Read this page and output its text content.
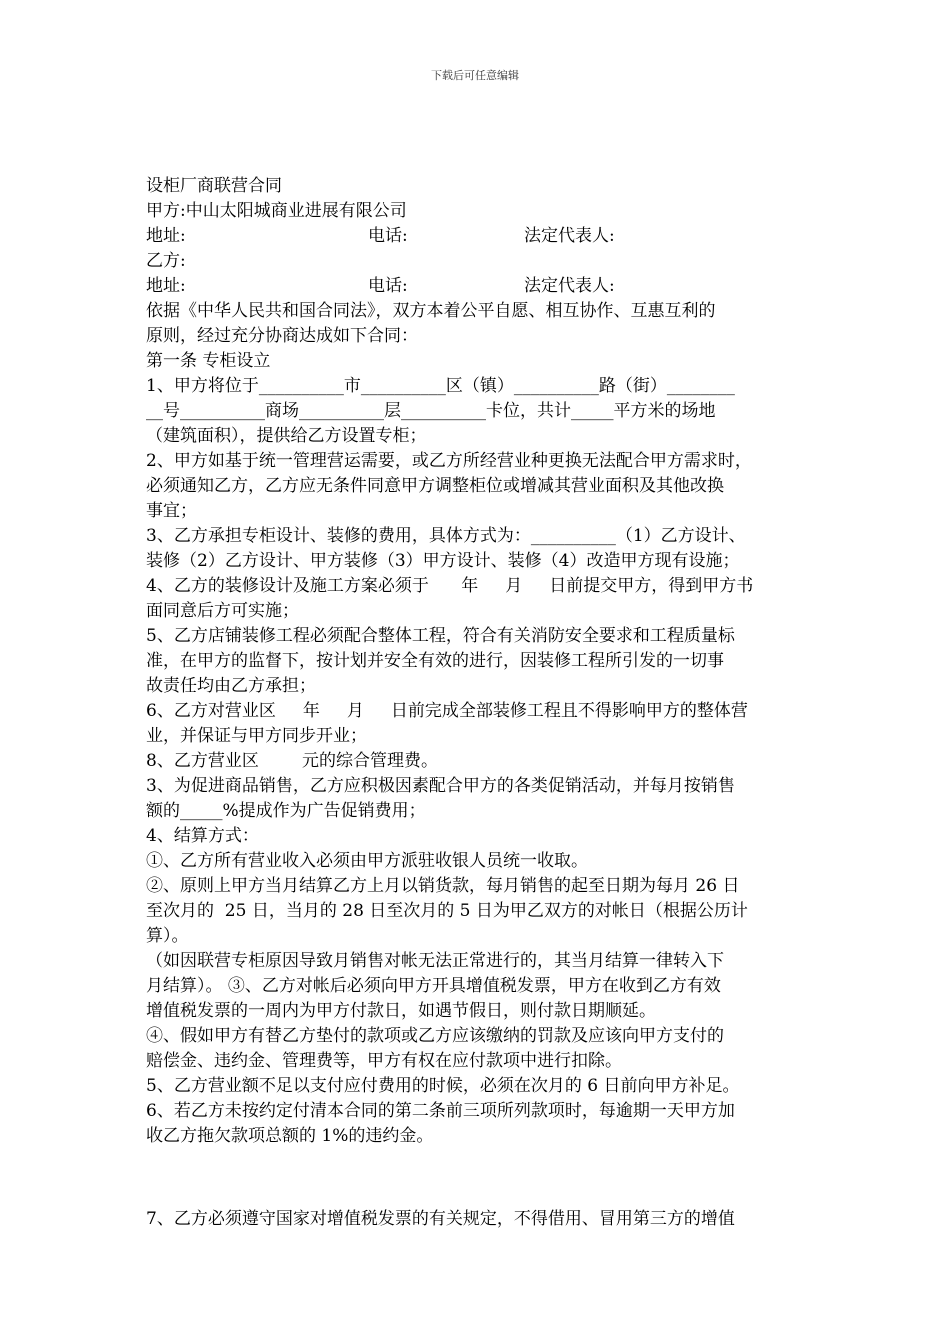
下载后可任意编辑
设柜厂商联营合同
甲方:中山太阳城商业进展有限公司
地址:	电话:	法定代表人:
乙方:
地址:	电话:	法定代表人:
依据《中华人民共和国合同法》，双方本着公平自愿、相互协作、互惠互利的
原则，经过充分协商达成如下合同：
第一条 专柜设立
1、甲方将位于__________市__________区（镇）__________路（街）________
__号__________商场__________层__________卡位，共计_____平方米的场地
（建筑面积），提供给乙方设置专柜；
2、甲方如基于统一管理营运需要，或乙方所经营业种更换无法配合甲方需求时，
必须通知乙方，乙方应无条件同意甲方调整柜位或增减其营业面积及其他改换
事宜；
3、乙方承担专柜设计、装修的费用，具体方式为：__________（1）乙方设计、
装修（2）乙方设计、甲方装修（3）甲方设计、装修（4）改造甲方现有设施；
4、乙方的装修设计及施工方案必须于      年     月     日前提交甲方，得到甲方书
面同意后方可实施；
5、乙方店铺装修工程必须配合整体工程，符合有关消防安全要求和工程质量标
准，在甲方的监督下，按计划并安全有效的进行，因装修工程所引发的一切事
故责任均由乙方承担；
6、乙方对营业区     年     月     日前完成全部装修工程且不得影响甲方的整体营
业，并保证与甲方同步开业；
8、乙方营业区        元的综合管理费。
3、为促进商品销售，乙方应积极因素配合甲方的各类促销活动，并每月按销售
额的_____%提成作为广告促销费用；
4、结算方式：
①、乙方所有营业收入必须由甲方派驻收银人员统一收取。
②、原则上甲方当月结算乙方上月以销货款，每月销售的起至日期为每月 26 日
至次月的  25 日，当月的 28 日至次月的 5 日为甲乙双方的对帐日（根据公历计
算）。
（如因联营专柜原因导致月销售对帐无法正常进行的，其当月结算一律转入下
月结算）。 ③、乙方对帐后必须向甲方开具增值税发票，甲方在收到乙方有效
增值税发票的一周内为甲方付款日，如遇节假日，则付款日期顺延。
④、假如甲方有替乙方垫付的款项或乙方应该缴纳的罚款及应该向甲方支付的
赔偿金、违约金、管理费等，甲方有权在应付款项中进行扣除。
5、乙方营业额不足以支付应付费用的时候，必须在次月的 6 日前向甲方补足。
6、若乙方未按约定付清本合同的第二条前三项所列款项时，每逾期一天甲方加
收乙方拖欠款项总额的 1%的违约金。
7、乙方必须遵守国家对增值税发票的有关规定，不得借用、冒用第三方的增值
